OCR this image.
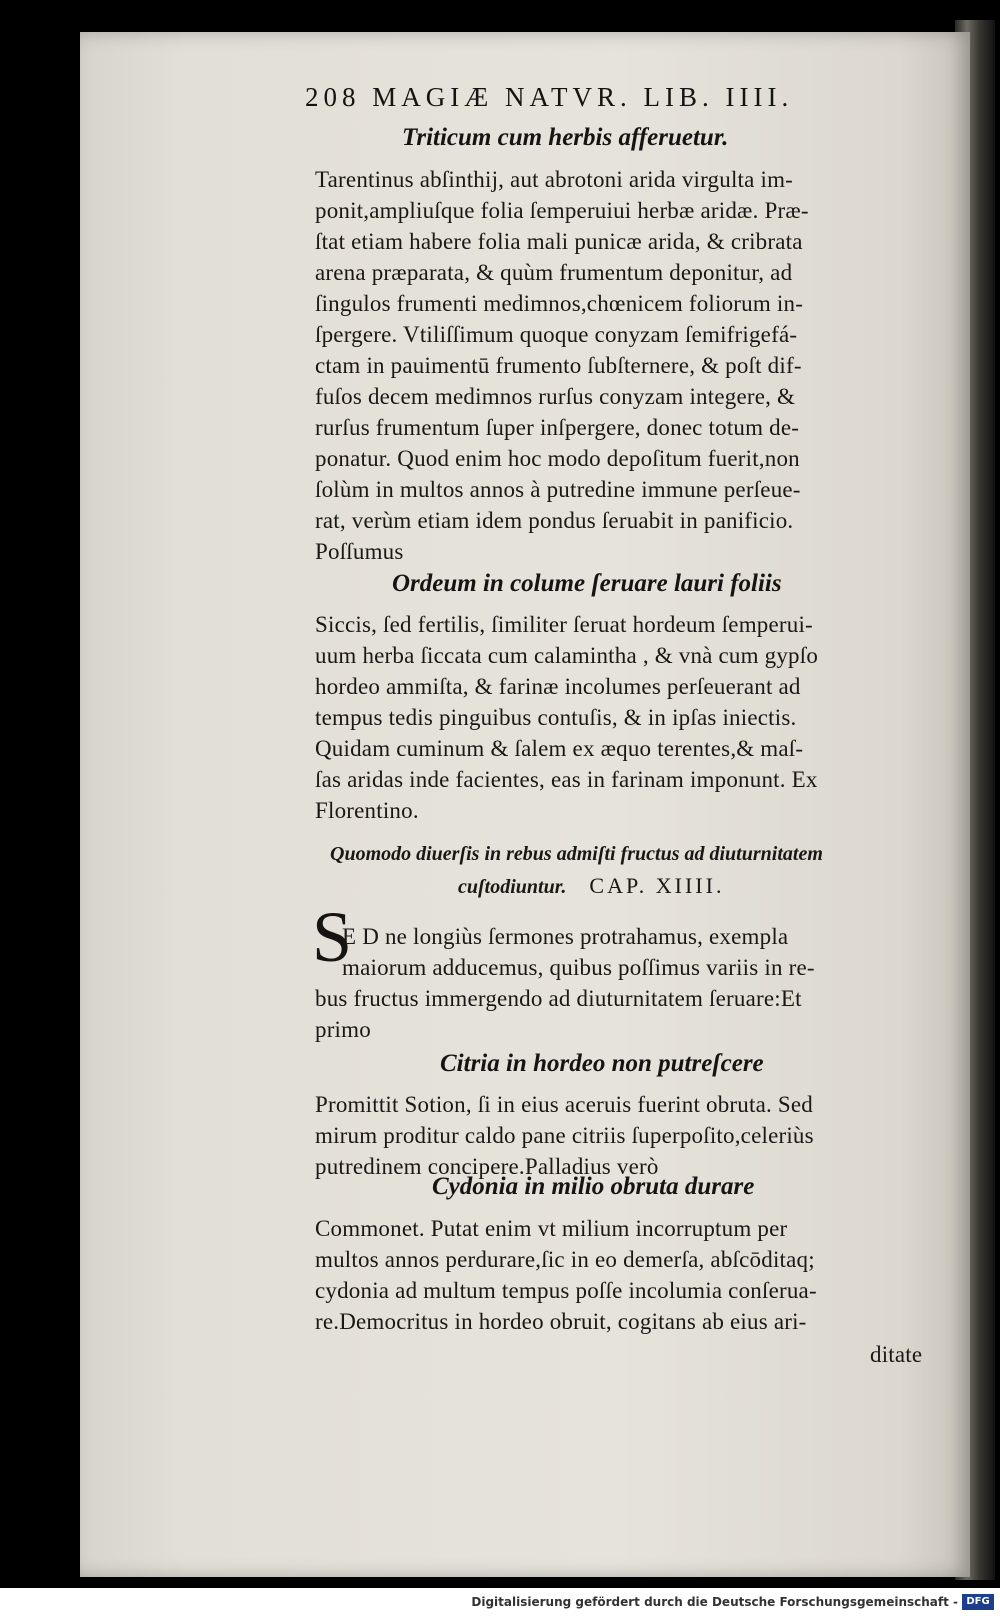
208 MAGIÆ NATVR. LIB. IIII.
Triticum cum herbis afferuetur.
Tarentinus abſinthij, aut abrotoni arida virgulta im-
ponit,ampliuſque folia ſemperuiui herbæ aridæ. Præ-
ſtat etiam habere folia mali punicæ arida, & cribrata
arena præparata, & quùm frumentum deponitur, ad
ſingulos frumenti medimnos,chœnicem foliorum in-
ſpergere. Vtiliſſimum quoque conyzam ſemifrigefá-
ctam in pauimentū frumento ſubſternere, & poſt dif-
fuſos decem medimnos rurſus conyzam integere, &
rurſus frumentum ſuper inſpergere, donec totum de-
ponatur. Quod enim hoc modo depoſitum fuerit,non
ſolùm in multos annos à putredine immune perſeue-
rat, verùm etiam idem pondus ſeruabit in panificio.
Poſſumus
Ordeum in colume ſeruare lauri foliis
Siccis, ſed fertilis, ſimiliter ſeruat hordeum ſemperui-
uum herba ſiccata cum calamintha , & vnà cum gypſo
hordeo ammiſta, & farinæ incolumes perſeuerant ad
tempus tedis pinguibus contuſis, & in ipſas iniectis.
Quidam cuminum & ſalem ex æquo terentes,& maſ-
ſas aridas inde facientes, eas in farinam imponunt. Ex
Florentino.
Quomodo diuerſis in rebus admiſti fructus ad diuturnitatem
cuſtodiuntur. CAP. XIIII.
S
E D ne longiùs ſermones protrahamus, exempla
maiorum adducemus, quibus poſſimus variis in re-
bus fructus immergendo ad diuturnitatem ſeruare:Et
primo
Citria in hordeo non putreſcere
Promittit Sotion, ſi in eius aceruis fuerint obruta. Sed
mirum proditur caldo pane citriis ſuperpoſito,celeriùs
putredinem concipere.Palladius verò
Cydonia in milio obruta durare
Commonet. Putat enim vt milium incorruptum per
multos annos perdurare,ſic in eo demerſa, abſcōditaq;
cydonia ad multum tempus poſſe incolumia conſerua-
re.Democritus in hordeo obruit, cogitans ab eius ari-
ditate
Digitalisierung gefördert durch die Deutsche Forschungsgemeinschaft - DFG
